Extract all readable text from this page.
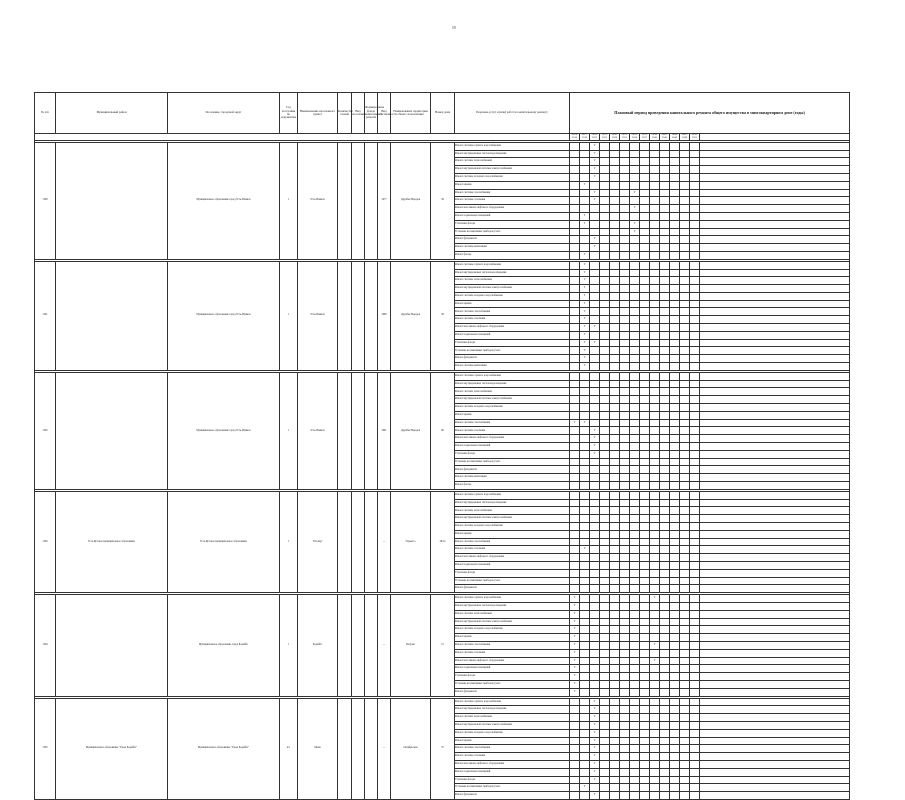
19
№ п/п	Муниципальный район	Поселение, городской округ	Год постройки по документам	Наименование населенного пункта	Количество этажей	Вид поселения	Формирование фонда капитального ремонта	Вид собственности	Наименование территории общего пользования	Номер дома	Перечень услуг и (или) работ по капитальному ремонту	Плановый период проведения капитального ремонта общего имущества в многоквартирном доме (годы)													
												2014-2016	2017-2019	2020-2022	2023-2025	2026-2028	2029-2031	2032-2034	2035-2037	2038-2040	2041-2043	2044-2046	2047-2049	2050-2052	

1560		Муниципальное образование город Усть-Илимск	1	Усть-Илимск				1977	Дружбы Народов	56	Ремонт системы горячего водоснабжения			V											
											Ремонт внутридомовых систем водоотведения			V											
											Ремонт системы теплоснабжения			V											
											Ремонт внутридомовой системы электроснабжения			V											
											Ремонт системы холодного водоснабжения			V											
											Ремонт крыши		V												
											Ремонт системы газоснабжения			V				V							
											Ремонт системы отопления			V											
											Ремонт или замена лифтового оборудования							V							
											Ремонт подвальных помещений		V												
											Утепление фасада		V					V							
											Установка коллективных приборов учета							V							
											Ремонт фундамента			V											
											Ремонт системы вентиляции			V											
											Ремонт фасада		V												

1561		Муниципальное образование город Усть-Илимск	1	Усть-Илимск				1980	Дружбы Народов	58	Ремонт системы горячего водоснабжения		V												
											Ремонт внутридомовых систем водоотведения		V												
											Ремонт системы теплоснабжения		V												
											Ремонт внутридомовой системы электроснабжения		V												
											Ремонт системы холодного водоснабжения		V												
											Ремонт крыши		V												
											Ремонт системы газоснабжения		V												
											Ремонт системы отопления		V												
											Ремонт или замена лифтового оборудования		V	V											
											Ремонт подвальных помещений		V												
											Утепление фасада		V	V											
											Установка коллективных приборов учета		V												
											Ремонт фундамента		V												
											Ремонт системы вентиляции		V												

1562		Муниципальное образование город Усть-Илимск	1	Усть-Илимск				1981	Дружбы Народов	60	Ремонт системы горячего водоснабжения														
											Ремонт внутридомовых систем водоотведения														
											Ремонт системы теплоснабжения														
											Ремонт внутридомовой системы электроснабжения														
											Ремонт системы холодного водоснабжения														
											Ремонт крыши														
											Ремонт системы газоснабжения	V	V												
											Ремонт системы отопления			V											
											Ремонт или замена лифтового оборудования			V											
											Ремонт подвальных помещений			V											
											Утепление фасада			V											
											Установка коллективных приборов учета														
											Ремонт фундамента														
											Ремонт системы вентиляции														
											Ремонт фасада														

1563	Усть-Кутское муниципальное образование	Усть-Кутское муниципальное образование	1	Усть-Кут				—	Горького	36/12	Ремонт системы горячего водоснабжения														
											Ремонт внутридомовых систем водоотведения														
											Ремонт системы теплоснабжения														
											Ремонт внутридомовой системы электроснабжения														
											Ремонт системы холодного водоснабжения														
											Ремонт крыши														
											Ремонт системы газоснабжения														
											Ремонт системы отопления		V												
											Ремонт или замена лифтового оборудования														
											Ремонт подвальных помещений														
											Утепление фасада														
											Установка коллективных приборов учета														
											Ремонт фундамента														

1564		Муниципальное образование город Бодайбо	1	Бодайбо				—	Багрова	15	Ремонт системы горячего водоснабжения	V								V					
											Ремонт внутридомовых систем водоотведения	V													
											Ремонт системы теплоснабжения	V													
											Ремонт внутридомовой системы электроснабжения	V													
											Ремонт системы холодного водоснабжения	V													
											Ремонт крыши	V													
											Ремонт системы газоснабжения	V								V					
											Ремонт системы отопления	V													
											Ремонт или замена лифтового оборудования	V								V					
											Ремонт подвальных помещений	V													
											Утепление фасада	V													
											Установка коллективных приборов учета	V													
											Ремонт фундамента	V													

1565	Муниципальное образование "Город Бодайбо"	Муниципальное образование "Город Бодайбо"	4/1	Мама				—	Октябрьская	37	Ремонт системы горячего водоснабжения			V											
											Ремонт внутридомовых систем водоотведения			V											
											Ремонт системы теплоснабжения			V											
											Ремонт внутридомовой системы электроснабжения			V											
											Ремонт системы холодного водоснабжения			V											
											Ремонт крыши			V											
											Ремонт системы газоснабжения			V											
											Ремонт системы отопления			V											
											Ремонт или замена лифтового оборудования			V											
											Ремонт подвальных помещений			V											
											Утепление фасада			V											
											Установка коллективных приборов учета		V												
											Ремонт фундамента			V											
